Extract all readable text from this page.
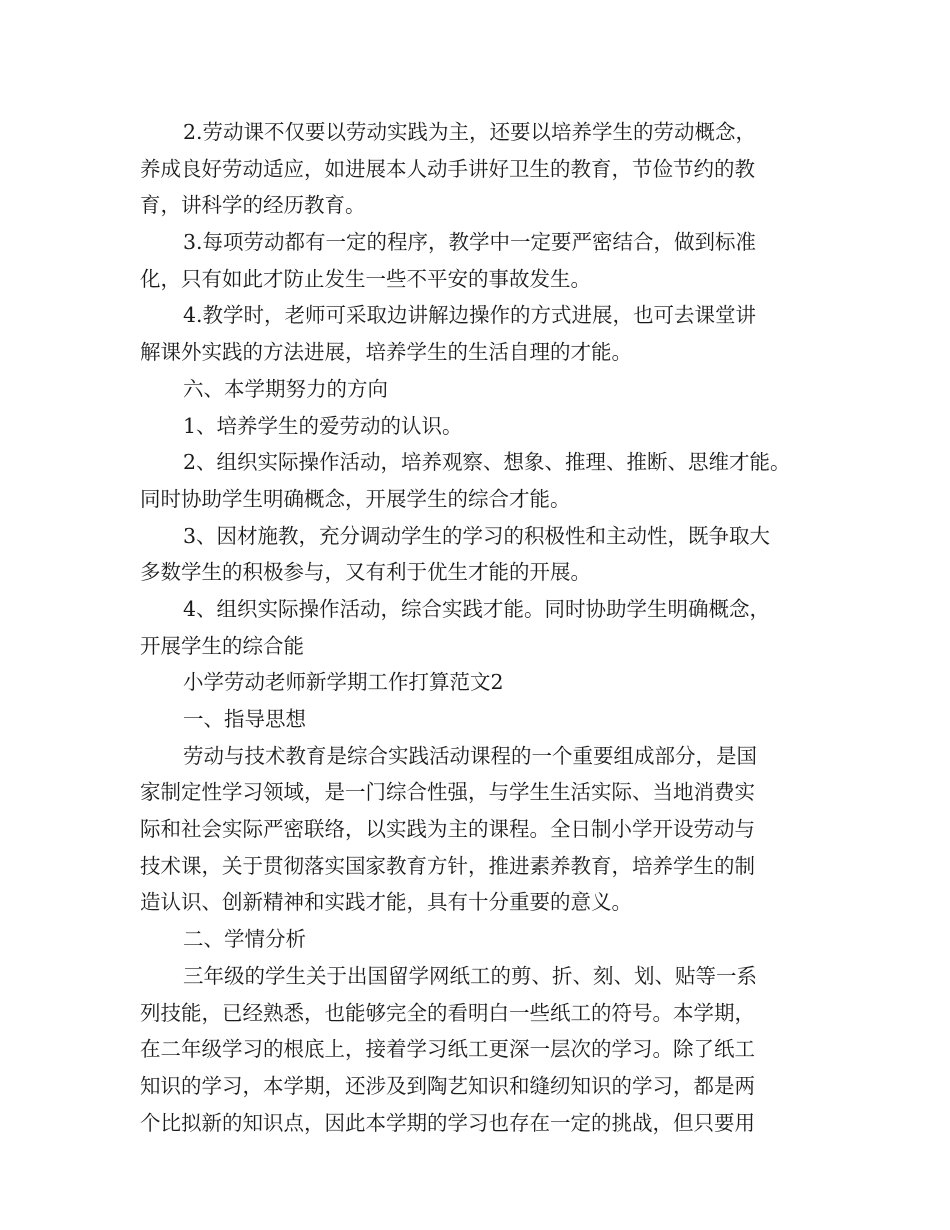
2.劳动课不仅要以劳动实践为主，还要以培养学生的劳动概念，
养成良好劳动适应，如进展本人动手讲好卫生的教育，节俭节约的教
育，讲科学的经历教育。
3.每项劳动都有一定的程序，教学中一定要严密结合，做到标准
化，只有如此才防止发生一些不平安的事故发生。
4.教学时，老师可采取边讲解边操作的方式进展，也可去课堂讲
解课外实践的方法进展，培养学生的生活自理的才能。
六、本学期努力的方向
1、培养学生的爱劳动的认识。
2、组织实际操作活动，培养观察、想象、推理、推断、思维才能。
同时协助学生明确概念，开展学生的综合才能。
3、因材施教，充分调动学生的学习的积极性和主动性，既争取大
多数学生的积极参与，又有利于优生才能的开展。
4、组织实际操作活动，综合实践才能。同时协助学生明确概念，
开展学生的综合能
小学劳动老师新学期工作打算范文2
一、指导思想
劳动与技术教育是综合实践活动课程的一个重要组成部分，是国
家制定性学习领域，是一门综合性强，与学生生活实际、当地消费实
际和社会实际严密联络，以实践为主的课程。全日制小学开设劳动与
技术课，关于贯彻落实国家教育方针，推进素养教育，培养学生的制
造认识、创新精神和实践才能，具有十分重要的意义。
二、学情分析
三年级的学生关于出国留学网纸工的剪、折、刻、划、贴等一系
列技能，已经熟悉，也能够完全的看明白一些纸工的符号。本学期，
在二年级学习的根底上，接着学习纸工更深一层次的学习。除了纸工
知识的学习，本学期，还涉及到陶艺知识和缝纫知识的学习，都是两
个比拟新的知识点，因此本学期的学习也存在一定的挑战，但只要用
